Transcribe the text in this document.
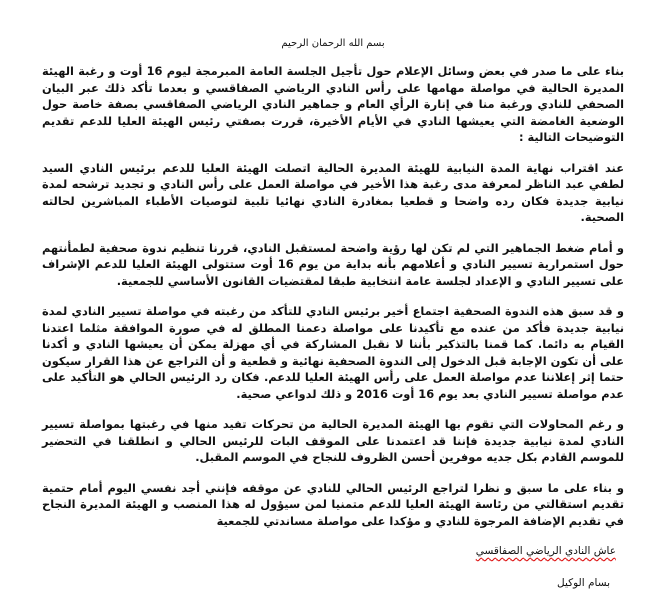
بسم الله الرحمان الرحيم

بناء على ما صدر في بعض وسائل الإعلام حول تأجيل الجلسة العامة المبرمجة ليوم 16 أوت و رغبة الهيئة المديرة الحالية في مواصلة مهامها على رأس النادي الرياضي الصفاقسي و بعدما تأكد ذلك عبر البيان الصحفي للنادي ورغبة منا في إنارة الرأي العام و جماهير النادي الرياضي الصفاقسي بصفة خاصة حول الوضعية الغامضة التي يعيشها النادي في الأيام الأخيرة، قررت بصفتي رئيس الهيئة العليا للدعم تقديم التوضيحات التالية :

عند اقتراب نهاية المدة النيابية للهيئة المديرة الحالية اتصلت الهيئة العليا للدعم برئيس النادي السيد لطفي عبد الناظر لمعرفة مدى رغبة هذا الأخير في مواصلة العمل على رأس النادي و تجديد ترشحه لمدة نيابية جديدة فكان رده واضحا و قطعيا بمغادرة النادي نهائيا تلبية لتوصيات الأطباء المباشرين لحالته الصحية.

و أمام ضغط الجماهير التي لم تكن لها رؤية واضحة لمستقبل النادي، قررنا تنظيم ندوة صحفية لطمأنتهم حول استمرارية تسيير النادي و أعلامهم بأنه بداية من يوم 16 أوت ستتولى الهيئة العليا للدعم الإشراف على تسيير النادي و الإعداد لجلسة عامة انتخابية طبقا لمقتضيات القانون الأساسي للجمعية.

و قد سبق هذه الندوة الصحفية اجتماع أخير برئيس النادي للتأكد من رغبته في مواصلة تسيير النادي لمدة نيابية جديدة فأكد من عنده مع تأكيدنا على مواصلة دعمنا المطلق له في صورة الموافقة مثلما اعتدنا القيام به دائما. كما قمنا بالتذكير بأننا لا نقبل المشاركة في أي مهزلة يمكن أن يعيشها النادي و أكدنا على أن تكون الإجابة قبل الدخول إلى الندوة الصحفية نهائية و قطعية و أن التراجع عن هذا القرار سيكون حتما إثر إعلاننا عدم مواصلة العمل على رأس الهيئة العليا للدعم. فكان رد الرئيس الحالي هو التأكيد على عدم مواصلة تسيير النادي بعد يوم 16 أوت 2016 و ذلك لدواعي صحية.

و رغم المحاولات التي تقوم بها الهيئة المديرة الحالية من تحركات تفيد منها في رغبتها بمواصلة تسيير النادي لمدة نيابية جديدة فإننا قد اعتمدنا على الموقف البات للرئيس الحالي و انطلقنا في التحضير للموسم القادم بكل جديه موفرين أحسن الظروف للنجاح في الموسم المقبل.

و بناء على ما سبق و نظرا لتراجع الرئيس الحالي للنادي عن موقفه فإنني أجد نفسي اليوم أمام حتمية تقديم استقالتي من رئاسة الهيئة العليا للدعم متمنيا لمن سيؤول له هذا المنصب و الهيئة المديرة النجاح في تقديم الإضافة المرجوة للنادي و مؤكدا على مواصلة مساندتي للجمعية

عاش النادي الرياضي الصفاقسي
بسام الوكيل
